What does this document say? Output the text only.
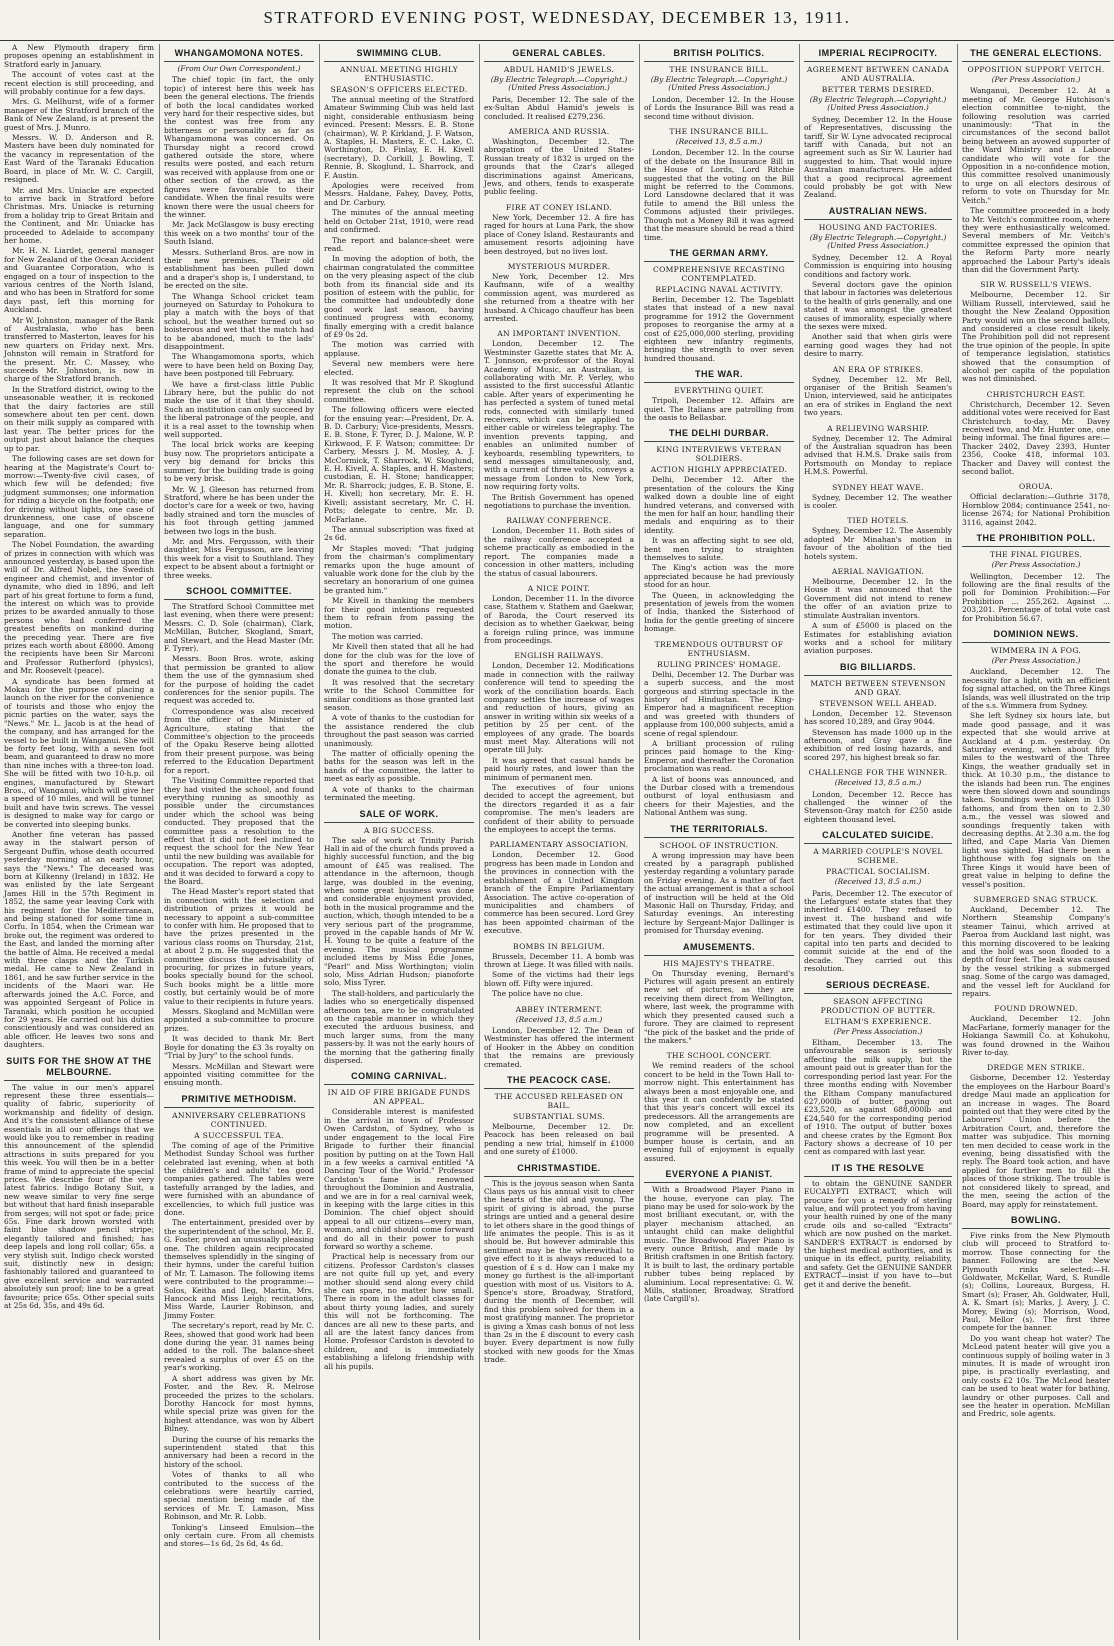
STRATFORD EVENING POST, WEDNESDAY, DECEMBER 13, 1911.

A New Plymouth drapery firm proposes opening an establishment in Stratford early in January.

The account of votes cast at the recent election is still proceeding, and will probably continue for a few days.

Mrs. G. Mellhurst, wife of a former manager of the Stratford branch of the Bank of New Zealand, is at present the guest of Mrs. J. Munro.

Messrs. W. D. Anderson and R. Masters have been duly nominated for the vacancy in representation of the East Ward of the Taranaki Education Board, in place of Mr. W. C. Cargill, resigned.

Mr. and Mrs. Uniacke are expected to arrive back in Stratford before Christmas. Mrs. Uniacke is returning from a holiday trip to Great Britain and the Continent, and Mr. Uniacke has proceeded to Adelaide to accompany her home.

Mr. H. N. Liardet, general manager for New Zealand of the Ocean Accident and Guarantee Corporation, who is engaged on a tour of inspection to the various centres of the North Island, and who has been in Stratford for some days past, left this morning for Auckland.

Mr W. Johnston, manager of the Bank of Australasia, who has been transferred to Masterton, leaves for his new quarters on Friday next. Mrs. Johnston will remain in Stratford for the present. Mr. C. Massey, who succeeds Mr. Johnston, is now in charge of the Stratford branch.

In the Stratford district, owing to the unseasonable weather, it is reckoned that the dairy factories are still somewhere about ten per cent. down on their milk supply as compared with last year. The better prices for the output just about balance the cheques up to par.

The following cases are set down for hearing at the Magistrate's Court to-morrow:—Twenty-five civil cases, of which few will be defended; five judgment summonses; one information for riding a bicycle on the footpath; one for driving without lights, one case of drunkenness, one case of obscene language, and one for summary separation.

The Nobel Foundation, the awarding of prizes in connection with which was announced yesterday, is based upon the will of Dr. Alfred Nobel, the Swedish engineer and chemist, and inventor of dynamite, who died in 1896, and left part of his great fortune to form a fund, the interest on which was to provide prizes to be awarded annually to those persons who had conferred the greatest benefits on mankind during the preceding year. There are five prizes each worth about £8000. Among the recipients have been Sir Marconi and Professor Rutherford (physics), and Mr. Roosevelt (peace).

A syndicate has been formed at Mokau for the purpose of placing a launch on the river for the convenience of tourists and those who enjoy the picnic parties on the water, says the "News." Mr. L. Jacob is at the head of the company, and has arranged for the vessel to be built in Wanganui. She will be forty feet long, with a seven foot beam, and guaranteed to draw no more than nine inches with a three-ton load. She will be fitted with two 10-h.p. oil engines, manufactured by Stewart Bros., of Wanganui, which will give her a speed of 10 miles, and will be tunnel built and have twin screws. The vessel is designed to make way for cargo or be converted into sleeping bunks.

Another fine veteran has passed away in the stalwart person of Sergeant Duffin, whose death occurred yesterday morning at an early hour, says the "News." The deceased was born at Kilkenny (Ireland) in 1832. He was enlisted by the late Sergeant James Hill in the 57th Regiment in 1852, the same year leaving Cork with his regiment for the Mediterranean, and being stationed for some time in Corfu. In 1854, when the Crimean war broke out, the regiment was ordered to the East, and landed the morning after the battle of Alma. He received a medal with three clasps and the Turkish medal. He came to New Zealand in 1861, and he saw further service in the incidents of the Maori war. He afterwards joined the A.C. Force, and was appointed Sergeant of Police in Taranaki, which position he occupied for 29 years. He carried out his duties conscientiously and was considered an able officer. He leaves two sons and daughters.

SUITS FOR THE SHOW AT THE MELBOURNE.

The value in our men's apparel represent these three essentials—quality of fabric, superiority of workmanship and fidelity of design. And it's the consistent alliance of these essentials in all our offerings that we would like you to remember in reading this announcement of the splendid attractions in suits prepared for you this week. You will then be in a better frame of mind to appreciate the special prices. We describe four of the very latest fabrics. Indigo Botany Suit, a new weave similar to very fine serge but without that hard finish inseparable from serges; will not spot or fade; price 65s. Fine dark brown worsted with faint blue shadow pencil stripe; elegantly tailored and finished; has deep lapels and long roll collar; 65s. a very stylish suit. Indigo check worsted suit, distinctly new in design; fashionably tailored and guaranteed to give excellent service and warranted absolutely sun proof; line to be a great favourite; price 65s. Other special suits at 25s 6d, 35s, and 49s 6d.

WHANGAMOMONA NOTES.
(From Our Own Correspondent.)

The chief topic (in fact, the only topic) of interest here this week has been the general elections. The friends of both the local candidates worked very hard for their respective sides, but the contest was free from any bitterness or personality as far as Whangamomona was concerned. On Thursday night a record crowd gathered outside the store, where results were posted, and each return was received with applause from one or other section of the crowd, as the figures were favourable to their candidate. When the final results were known there were the usual cheers for the winner.

Mr. Jack McGlasgow is busy erecting this week on a two months' tour of the South Island.

Messrs. Sutherland Bros. are now in their new premises. Their old establishment has been pulled down and a draper's shop is, I understand, to be erected on the site.

The Whanga School cricket team journeyed on Saturday to Pohokura to play a match with the boys of that school, but the weather turned out so boisterous and wet that the match had to be abandoned, much to the lads' disappointment.

The Whangamomona sports, which were to have been held on Boxing Day, have been postponed till February.

We have a first-class little Public Library here, but the public do not make the use of it that they should. Such an institution can only succeed by the liberal patronage of the people, and it is a real asset to the township when well supported.

The local brick works are keeping busy now. The proprietors anticipate a very big demand for bricks this summer, for the building trade is going to be very brisk.

Mr. W. J. Gleeson has returned from Stratford, where he has been under the doctor's care for a week or two, having badly strained and torn the muscles of his foot through getting jammed between two logs in the bush.

Mr. and Mrs. Fergusson, with their daughter, Miss Fergusson, are leaving this week for a visit to Southland. They expect to be absent about a fortnight or three weeks.

SCHOOL COMMITTEE.

The Stratford School Committee met last evening, when there were present: Messrs. C. D. Sole (chairman), Clark, McMillan, Butcher, Skogland, Smart, and Stewart, and the Head Master (Mr. F. Tyrer).

Messrs. Boon Bros. wrote, asking that permission be granted to allow them the use of the gymnasium shed for the purpose of holding the cadet conferences for the senior pupils. The request was acceded to.

Correspondence was also received from the officer of the Minister of Agriculture, stating that the Committee's objection to the proceeds of the Opaku Reserve being allotted from their present purpose, was being referred to the Education Department for a report.

The Visiting Committee reported that they had visited the school, and found everything running as smoothly as possible under the circumstances under which the school was being conducted. They proposed that the committee pass a resolution to the effect that it did not feel inclined to request the school for the New Year until the new building was available for occupation. The report was adopted, and it was decided to forward a copy to the Board.

The Head Master's report stated that in connection with the selection and distribution of prizes it would be necessary to appoint a sub-committee to confer with him. He proposed that to have the prizes presented in the various class rooms on Thursday, 21st, at about 2 p.m. He suggested that the committee discuss the advisability of procuring, for prizes in future years, books specially bound for the school. Such books might be a little more costly, but certainly would be of more value to their recipients in future years.

Messrs. Skogland and McMillan were appointed a sub-committee to procure prizes.

It was decided to thank Mr. Bert Boyle for donating the £3 3s royalty on "Trial by Jury" to the school funds.

Messrs. McMillan and Stewart were appointed visiting committee for the ensuing month.

PRIMITIVE METHODISM.
ANNIVERSARY CELEBRATIONS CONTINUED.
A SUCCESSFUL TEA.

The coming of age of the Primitive Methodist Sunday School was further celebrated last evening, when at both the children's and adults' tea good companies gathered. The tables were tastefully arranged by the ladies, and were furnished with an abundance of excellencies, to which full justice was done.

The entertainment, presided over by the superintendent of the school, Mr. E. G. Foster, proved an unusually pleasing one. The children again reciprocated themselves splendidly in the singing of their hymns, under the careful tuition of Mr. T. Lamason. The following items were contributed to the programme:—Solos, Keitha and Ileg, Martin, Mrs. Hancock and Miss Leigh; recitations, Miss Warde, Laurier Robinson, and Jimmy Foster.

The secretary's report, read by Mr. C. Rees, showed that good work had been done during the year. 31 names being added to the roll. The balance-sheet revealed a surplus of over £5 on the year's working.

A short address was given by Mr. Foster, and the Rev. R. Melrose proceeded the prizes to the scholars. Dorothy Hancock for most hymns, while special prize was given for the highest attendance, was won by Albert Bilney.

During the course of his remarks the superintendent stated that this anniversary had been a record in the history of the school.

Votes of thanks to all who contributed to the success of the celebrations were heartily carried, special mention being made of the services of Mr. T. Lamason, Miss Robinson, and Mr. R. Lobb.

Tonking's Linseed Emulsion—the only certain cure. From all chemists and stores—1s 6d, 2s 6d, 4s 6d.

SWIMMING CLUB.
ANNUAL MEETING HIGHLY ENTHUSIASTIC.
SEASON'S OFFICERS ELECTED.

The annual meeting of the Stratford Amateur Swimming Club was held last night, considerable enthusiasm being evinced. Present: Messrs. E. B. Stone (chairman), W. P. Kirkland, J. F. Watson, A. Staples, H. Masters, E. C. Lake, C. Worthington, D. Finlay, E. H. Kivell (secretary), D. Corkill, J. Bowling, T. Rennie, B. Skoglund, L. Sharrock, and F. Austin.

Apologies were received from Messrs. Haldane, Fahey, Davey, Potts, and Dr. Carbury.

The minutes of the annual meeting held on October 21st, 1910, were read and confirmed.

The report and balance-sheet were read.

In moving the adoption of both, the chairman congratulated the committee on the very pleasing aspect of the club both from its financial side and its position of esteem with the public, for the committee had undoubtedly done good work last season, having continued progress with economy, finally emerging with a credit balance of £9 0s 2d.

The motion was carried with applause.

Several new members were here elected.

It was resolved that Mr P. Skoglund represent the club on the school committee.

The following officers were elected for the ensuing year:—President, Dr. A. B. D. Carbury; Vice-presidents, Messrs. E. B. Stone, F. Tyrer, D. J. Malone, W. P. Kirkwood, F. F. Watson; committee: Dr Carbery, Messrs J. M. Mosley, A. J. McCormick, T. Sharrock, W. Skoglund, E. H. Kivell, A. Staples, and H. Masters; custodian, E. H. Stone; handicapper, Mr. R. Sharrock; judges, E. B. Stone, E. H. Kivell; hon secretary, Mr. E. H. Kivell; assistant secretary, Mr. C. H. Potts; delegate to centre, Mr. D. McFarlane.

The annual subscription was fixed at 2s 6d.

Mr Staples moved: "That judging from the chairman's complimentary remarks upon the huge amount of valuable work done for the club by the secretary an honorarium of one guinea be granted him."

Mr Kivell in thanking the members for their good intentions requested them to refrain from passing the motion.

The motion was carried.

Mr Kivell then stated that all he had done for the club was for the love of the sport and therefore he would donate the guinea to the club.

It was resolved that the secretary write to the School Committee for similar conditions as those granted last season.

A vote of thanks to the custodian for the assistance rendered the club throughout the past season was carried unanimously.

The matter of officially opening the baths for the season was left in the hands of the committee, the latter to meet as early as possible.

A vote of thanks to the chairman terminated the meeting.

SALE OF WORK.
A BIG SUCCESS.

The sale of work at Trinity Parish Hall in aid of the church funds proved a highly successful function, and the big amount of £45 was realised. The attendance in the afternoon, though large, was doubled in the evening, when some great business was done and considerable enjoyment provided, both in the musical programme and the auction, which, though intended to be a very serious part of the programme, proved in the capable hands of Mr W. H. Young to be quite a feature of the evening. The musical programme included items by Miss Edie Jones, "Pearl" and Miss Worthington; violin solo, Miss Adrian Hudson; pianoforte solo, Miss Tyrer.

The stall-holders, and particularly the ladies who so energetically dispensed afternoon tea, are to be congratulated on the capable manner in which they executed the arduous business, and much larger sums, from the many passers-by. It was not the early hours of the morning that the gathering finally dispersed.

COMING CARNIVAL.
IN AID OF FIRE BRIGADE FUNDS AN APPEAL.

Considerable interest is manifested in the arrival in town of Professor Owen Cardston, of Sydney, who is under engagement to the local Fire Brigade to further their financial position by putting on at the Town Hall in a few weeks a carnival entitled "A Dancing Tour of the World." Professor Cardston's fame is renowned throughout the Dominion and Australia, and we are in for a real carnival week, in keeping with the large cities in this Dominion. The chief object should appeal to all our citizens—every man, woman, and child should come forward and do all in their power to push forward so worthy a scheme.

Practical help is necessary from our citizens. Professor Cardston's classes are not quite full up yet, and every mother should send along every child she can spare, no matter how small. There is room in the adult classes for about thirty young ladies, and surely this will not be forthcoming. The dances are all new to these parts, and all are the latest fancy dances from Home. Professor Cardston is devoted to children, and is immediately establishing a lifelong friendship with all his pupils.

GENERAL CABLES.
ABDUL HAMID'S JEWELS.
(By Electric Telegraph.—Copyright.) (United Press Association.)

Paris, December 12. The sale of the ex-Sultan Abdul Hamid's jewels is concluded. It realised £279,236.

AMERICA AND RUSSIA.

Washington, December 12. The abrogation of the United States-Russian treaty of 1832 is urged on the grounds that the Czar's alleged discriminations against Americans, Jews, and others, tends to exasperate public feeling.

FIRE AT CONEY ISLAND.

New York, December 12. A fire has raged for hours at Luna Park, the show place of Coney Island. Restaurants and amusement resorts adjoining have been destroyed, but no lives lost.

MYSTERIOUS MURDER.

New York, December 12. Mrs Kaufmann, wife of a wealthy commission agent, was murdered as she returned from a theatre with her husband. A Chicago chauffeur has been arrested.

AN IMPORTANT INVENTION.

London, December 12. The Westminster Gazette states that Mr. A. T. Jonnson, ex-professor of the Royal Academy of Music, an Australian, is collaborating with Mr. P. Verley, who assisted to the first successful Atlantic cable. After years of experimenting he has perfected a system of tuned metal rods, connected with similarly tuned receivers, which can be applied to either cable or wireless telegraphy. The invention prevents tapping, and enables an unlimited number of keyboards, resembling typewriters, to send messages simultaneously, and, with a current of three volts, conveys a message from London to New York, now requiring forty volts.

The British Government has opened negotiations to purchase the invention.

RAILWAY CONFERENCE.

London, December 11. Both sides of the railway conference accepted a scheme practically as embodied in the report. The companies made a concession in other matters, including the status of casual labourers.

A NICE POINT.

London, December 11. In the divorce case, Stathem v. Stathem and Gaekwar, of Baroda, the Court reserved its decision as to whether Gaekwar, being a foreign ruling prince, was immune from proceedings.

ENGLISH RAILWAYS.

London, December 12. Modifications made in connection with the railway conference will tend to speeding the work of the conciliation boards. Each company settles the increase of wages and reduction of hours, giving an answer in writing within six weeks of a petition by 25 per cent. of the employees of any grade. The boards must meet May. Alterations will not operate till July.

It was agreed that casual hands be paid hourly rates, and lower than the minimum of permanent men.

The executives of four unions decided to accept the agreement, but the directors regarded it as a fair compromise. The men's leaders are confident of their ability to persuade the employees to accept the terms.

PARLIAMENTARY ASSOCIATION.

London, December 12. Good progress has been made in London and the provinces in connection with the establishment of a United Kingdom branch of the Empire Parliamentary Association. The active co-operation of municipalities and chambers of commerce has been secured. Lord Grey has been appointed chairman of the executive.

BOMBS IN BELGIUM.

Brussels, December 11. A bomb was thrown at Liege. It was filled with nails.

Some of the victims had their legs blown off. Fifty were injured.

The police have no clue.

ABBEY INTERMENT.
(Received 13, 8.5 a.m.)

London, December 12. The Dean of Westminster has offered the interment of Hooker in the Abbey on condition that the remains are previously cremated.

THE PEACOCK CASE.
THE ACCUSED RELEASED ON BAIL.
SUBSTANTIAL SUMS.

Melbourne, December 12. Dr. Peacock has been released on bail pending a new trial, himself in £1000 and one surety of £1000.

CHRISTMASTIDE.

This is the joyous season when Santa Claus pays us his annual visit to cheer the hearts of the old and young. The spirit of giving is abroad, the purse strings are untied and a general desire to let others share in the good things of life animates the people. This is as it should be. But however admirable this sentiment may be the wherewithal to give effect to it is always reduced to a question of £ s d. How can I make my money go furthest is the all-important question with most of us. Visitors to A. Spence's store, Broadway, Stratford, during the month of December, will find this problem solved for them in a most gratifying manner. The proprietor is giving a Xmas cash bonus of not less than 2s in the £ discount to every cash buyer. Every department is now fully stocked with new goods for the Xmas trade.

BRITISH POLITICS.
THE INSURANCE BILL.
(By Electric Telegraph.—Copyright.) (United Press Association.)

London, December 12. In the House of Lords the Insurance Bill was read a second time without division.

THE INSURANCE BILL.
(Received 13, 8.5 a.m.)

London, December 12. In the course of the debate on the Insurance Bill in the House of Lords, Lord Ritchie suggested that the voting on the Bill might be referred to the Commons. Lord Lansdowne declared that it was futile to amend the Bill unless the Commons adjusted their privileges. Though not a Money Bill it was agreed that the measure should be read a third time.

THE GERMAN ARMY.
COMPREHENSIVE RECASTING CONTEMPLATED.
REPLACING NAVAL ACTIVITY.

Berlin, December 12. The Tageblatt states that instead of a new naval programme for 1912 the Government proposes to reorganise the army at a cost of £25,000,000 sterling, providing eighteen new infantry regiments, bringing the strength to over seven hundred thousand.

THE WAR.
EVERYTHING QUIET.

Tripoli, December 12. Affairs are quiet. The Italians are patrolling from the oasis to Bellasbar.

THE DELHI DURBAR.
KING INTERVIEWS VETERAN SOLDIERS.
ACTION HIGHLY APPRECIATED.

Delhi, December 12. After the presentation of the colours the King walked down a double line of eight hundred veterans, and conversed with the men for half an hour, handling their medals and enquiring as to their identity.

It was an affecting sight to see old, bent men trying to straighten themselves to salute.

The King's action was the more appreciated because he had previously stood for an hour.

The Queen, in acknowledging the presentation of jewels from the women of India, thanked the Sisterhood of India for the gentle greeting of sincere homage.

TREMENDOUS OUTBURST OF ENTHUSIASM.
RULING PRINCES' HOMAGE.

Delhi, December 12. The Durbar was a superb success, and the most gorgeous and stirring spectacle in the history of Hindustan. The King-Emperor had a magnificent reception and was greeted with thunders of applause from 100,000 subjects, amid a scene of regal splendour.

A brilliant procession of ruling princes paid homage to the King-Emperor, and thereafter the Coronation proclamation was read.

A list of boons was announced, and the Durbar closed with a tremendous outburst of loyal enthusiasm and cheers for their Majesties, and the National Anthem was sung.

THE TERRITORIALS.
SCHOOL OF INSTRUCTION.

A wrong impression may have been created by a paragraph published yesterday regarding a voluntary parade on Friday evening. As a matter of fact the actual arrangement is that a school of instruction will be held at the Old Masonic Hall on Thursday, Friday, and Saturday evenings. An interesting lecture by Sergeant-Major Dallinger is promised for Thursday evening.

AMUSEMENTS.
HIS MAJESTY'S THEATRE.

On Thursday evening, Bernard's Pictures will again present an entirely new set of pictures, as they are receiving them direct from Wellington, where, last week, the programme with which they presented caused such a furore. They are claimed to represent "the pick of the basket and the pride of the makers."

THE SCHOOL CONCERT.

We remind readers of the school concert to be held in the Town Hall to-morrow night. This entertainment has always been a most enjoyable one, and this year it can confidently be stated that this year's concert will excel its predecessors. All the arrangements are now completed, and an excellent programme will be presented. A bumper house is certain, and an evening full of enjoyment is equally assured.

EVERYONE A PIANIST.

With a Broadwood Player Piano in the house, everyone can play. The piano may be used for solo-work by the most brilliant executant, or, with the player mechanism attached, an untaught child can make delightful music. The Broadwood Player Piano is every ounce British, and made by British craftsmen in one British factory. It is built to last, the ordinary portable rubber tubes being replaced by aluminium. Local representative: G. W. Mills, stationer, Broadway, Stratford (late Cargill's).

IMPERIAL RECIPROCITY.
AGREEMENT BETWEEN CANADA AND AUSTRALIA.
BETTER TERMS DESIRED.
(By Electric Telegraph.—Copyright.) (United Press Association.)

Sydney, December 12. In the House of Representatives, discussing the tariff, Sir W. Lyne advocated reciprocal tariff with Canada, but not an agreement such as Sir W. Laurier had suggested to him. That would injure Australian manufacturers. He added that a good reciprocal agreement could probably be got with New Zealand.

AUSTRALIAN NEWS.
HOUSING AND FACTORIES.
(By Electric Telegraph.—Copyright.) (United Press Association.)

Sydney, December 12. A Royal Commission is enquiring into housing conditions and factory work.

Several doctors gave the opinion that labour in factories was deleterious to the health of girls generally, and one stated it was amongst the greatest causes of immorality, especially where the sexes were mixed.

Another said that when girls were earning good wages they had not desire to marry.

AN ERA OF STRIKES.

Sydney, December 12. Mr Bell, organiser of the British Seamen's Union, interviewed, said he anticipates an era of strikes in England the next two years.

A RELIEVING WARSHIP.

Sydney, December 12. The Admiral of the Australian squadron has been advised that H.M.S. Drake sails from Portsmouth on Monday to replace H.M.S. Powerful.

SYDNEY HEAT WAVE.

Sydney, December 12. The weather is cooler.

TIED HOTELS.

Sydney, December 12. The Assembly adopted Mr Minahan's motion in favour of the abolition of the tied hotels system.

AERIAL NAVIGATION.

Melbourne, December 12. In the House it was announced that the Government did not intend to renew the offer of an aviation prize to stimulate Australian inventors.

A sum of £5000 is placed on the Estimates for establishing aviation works and a school for military aviation purposes.

BIG BILLIARDS.
MATCH BETWEEN STEVENSON AND GRAY.
STEVENSON WELL AHEAD.

London, December 12. Stevenson has scored 10,289, and Gray 9044.

Stevenson has made 1000 up in the afternoon, and Gray gave a fine exhibition of red losing hazards, and scored 297, his highest break so far.

CHALLENGE FOR THE WINNER.
(Received 13, 8.5 a.m.)

London, December 12. Recce has challenged the winner of the Stevenson-Gray match for £250 aside eighteen thousand level.

CALCULATED SUICIDE.
A MARRIED COUPLE'S NOVEL SCHEME.
PRACTICAL SOCIALISM.
(Received 13, 8.5 a.m.)

Paris, December 12. The executor of the Lefargues' estate states that they inherited £1400. They refused to invest it. The husband and wife estimated that they could live upon it for ten years. They divided their capital into ten parts and decided to commit suicide at the end of the decade. They carried out this resolution.

SERIOUS DECREASE.
SEASON AFFECTING PRODUCTION OF BUTTER.
ELTHAM'S EXPERIENCE.
(Per Press Association.)

Eltham, December 13. The unfavourable season is seriously affecting the milk supply, but the amount paid out is greater than for the corresponding period last year. For the three months ending with November the Eltham Company manufactured 627,000lb of butter, paying out £23,520, as against 688,000lb and £24,540 for the corresponding period of 1910. The output of butter boxes and cheese crates by the Egmont Box Factory shows a decrease of 10 per cent as compared with last year.

IT IS THE RESOLVE

to obtain the GENUINE SANDER EUCALYPTI EXTRACT, which will procure for you a remedy of sterling value, and will protect you from having your health ruined by one of the many crude oils and so-called "Extracts" which are now pushed on the market. SANDER'S EXTRACT is endorsed by the highest medical authorities, and is unique in its effect, purity, reliability, and safety. Get the GENUINE SANDER EXTRACT—insist if you have to—but get it and derive the benefit.

THE GENERAL ELECTIONS.
OPPOSITION SUPPORT VEITCH.
(Per Press Association.)

Wanganui, December 12. At a meeting of Mr. George Hutchison's election committee to-night, the following resolution was carried unanimously: "That in the circumstances of the second ballot being between an avowed supporter of the Ward Ministry and a Labour candidate who will vote for the Opposition in a no-confidence motion, this committee resolved unanimously to urge on all electors desirous of reform to vote on Thursday for Mr. Veitch."

The committee proceeded in a body to Mr. Veitch's committee room, where they were enthusiastically welcomed. Several members of Mr. Veitch's committee expressed the opinion that the Reform Party more nearly approached the Labour Party's ideals than did the Government Party.

SIR W. RUSSELL'S VIEWS.

Melbourne, December 12. Sir William Russell, interviewed, said he thought the New Zealand Opposition Party would win on the second ballots, and considered a close result likely. The Prohibition poll did not represent the true opinion of the people. In spite of temperance legislation, statistics showed that the consumption of alcohol per capita of the population was not diminished.

CHRISTCHURCH EAST.

Christchurch, December 12. Seven additional votes were received for East Christchurch to-day, Mr. Davey received two, and Mr. Hunter one, one being informal. The final figures are:—Thacker 2402, Davey 2393, Hunter 2356, Cooke 418, informal 103. Thacker and Davey will contest the second ballot.

OROUA.

Official declaration:—Guthrie 3178, Hornblow 2084; continuance 2541, no-license 2674; for National Prohibition 3116, against 2042.

THE PROHIBITION POLL.
THE FINAL FIGURES.
(Per Press Association.)

Wellington, December 12. The following are the final results of the poll for Dominion Prohibition:—For Prohibition ... 255,262. Against ... 203,201. Percentage of total vote cast for Prohibition 56.67.

DOMINION NEWS.
WIMMERA IN A FOG.
(Per Press Association.)

Auckland, December 12. The necessity for a light, with an efficient fog signal attached, on the Three Kings Islands, was well illustrated on the trip of the s.s. Wimmera from Sydney.

She left Sydney six hours late, but made good passage, and it was expected that she would arrive at Auckland at 4 p.m. yesterday. On Saturday evening, when about fifty miles to the westward of the Three Kings, the weather gradually set in thick. At 10.30 p.m., the distance to the islands had been run. The engines were then slowed down and soundings taken. Soundings were taken in 130 fathoms, and from then on to 2.30 a.m., the vessel was slowed and soundings frequently taken with decreasing depths. At 2.30 a.m. the fog lifted, and Cape Maria Van Diemen light was sighted. Had there been a lighthouse with fog signals on the Three Kings it would have been of great value in helping to define the vessel's position.

SUBMERGED SNAG STRUCK.

Auckland, December 12. The Northern Steamship Company's steamer Tainui, which arrived at Paeroa from Auckland last night, was this morning discovered to be leaking and the hold was soon flooded to a depth of four feet. The leak was caused by the vessel striking a submerged snag. Some of the cargo was damaged, and the vessel left for Auckland for repairs.

FOUND DROWNED.

Auckland, December 12. John MacFarlane, formerly manager for the Hokianga Sawmill Co. at Kohukohu, was found drowned in the Waihou River to-day.

DREDGE MEN STRIKE.

Gisborne, December 12. Yesterday the employees on the Harbour Board's dredge Maui made an application for an increase in wages. The Board pointed out that they were cited by the Labourers' Union before the Arbitration Court, and, therefore the matter was subjudice. This morning ten men decided to cease work in the evening, being dissatisfied with the reply. The Board took action, and have applied for further men to fill the places of those striking. The trouble is not considered likely to spread, and the men, seeing the action of the Board, may apply for reinstatement.

BOWLING.

Five rinks from the New Plymouth club will proceed to Stratford to-morrow. Those connecting for the banner. Following are the New Plymouth rinks selected:—H. Goldwater, McKellar, Ward, S. Rundle (s); Collins, Loureaux, Burgess, H. Smart (s); Fraser, Ah. Goldwater, Hull, A. K. Smart (s); Marks, J. Avery, J. C. Morey, Ewing (s); Morrison, Wood, Paul, Mellor (s). The first three compete for the banner.

Do you want cheap hot water? The McLeod patent heater will give you a continuous supply of boiling water in 3 minutes. It is made of wrought iron pipe, is practically everlasting, and only costs £2 10s. The McLeod heater can be used to heat water for bathing, laundry or other purposes. Call and see the heater in operation. McMillan and Fredric, sole agents.
